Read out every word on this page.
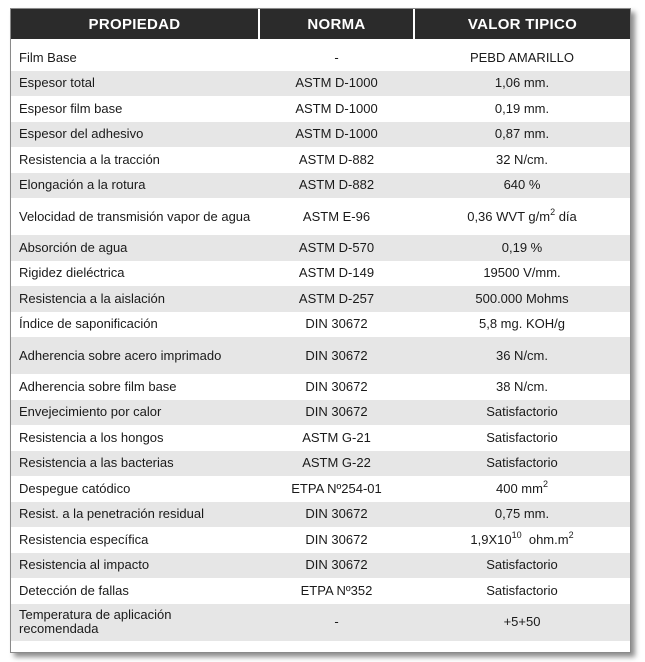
PROPIEDAD	NORMA	VALOR TIPICO

Film Base	-	PEBD AMARILLO
Espesor total	ASTM D-1000	1,06 mm.
Espesor film base	ASTM D-1000	0,19 mm.
Espesor del adhesivo	ASTM D-1000	0,87 mm.
Resistencia a la tracción	ASTM D-882	32 N/cm.
Elongación a la rotura	ASTM D-882	640 %
Velocidad de transmisión vapor de agua	ASTM E-96	0,36 WVT $g/m^2$ día
Absorción de agua	ASTM D-570	0,19 %
Rigidez dieléctrica	ASTM D-149	19500 V/mm.
Resistencia a la aislación	ASTM D-257	500.000 Mohms
Índice de saponificación	DIN 30672	5,8 mg. KOH/g
Adherencia sobre acero imprimado	DIN 30672	36 N/cm.
Adherencia sobre film base	DIN 30672	38 N/cm.
Envejecimiento por calor	DIN 30672	Satisfactorio
Resistencia a los hongos	ASTM G-21	Satisfactorio
Resistencia a las bacterias	ASTM G-22	Satisfactorio
Despegue catódico	ETPA Nº254-01	400 $mm^2$
Resist. a la penetración residual	DIN 30672	0,75 mm.
Resistencia específica	DIN 30672	$1,9X10^{10}$  $ohm.m^2$
Resistencia al impacto	DIN 30672	Satisfactorio
Detección de fallas	ETPA Nº352	Satisfactorio
Temperatura de aplicación recomendada	-	+5+50
